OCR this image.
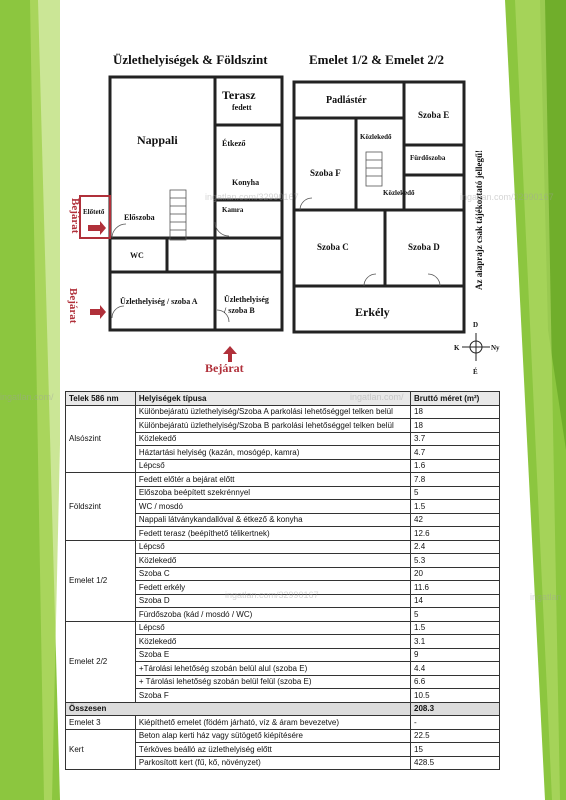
Üzlethelyiségek & Földszint	Emelet 1/2 & Emelet 2/2
Terasz
fedett
Nappali	Étkező
Konyha
Kamra
Előszoba
WC
Előtető
Üzlethelyiség / szoba A	Üzlethelyiség
/ szoba B
Bejárat
Bejárat
Bejárat
Padlástér
Szoba E
Közlekedő
Fürdőszoba
Szoba F
Közlekedő
Szoba C	Szoba D
Erkély
D
É
K	Ny
Az alaprajz csak tájékoztató jellegű!
Telek 586 nm	Helyiségek típusa	Bruttó méret (m²)
Alsószint	Különbejáratú üzlethelyiség/Szoba A parkolási lehetőséggel telken belül	18
	Különbejáratú üzlethelyiség/Szoba B parkolási lehetőséggel telken belül	18
	Közlekedő	3.7
	Háztartási helyiség (kazán, mosógép, kamra)	4.7
	Lépcső	1.6
Földszint	Fedett előtér a bejárat előtt	7.8
	Előszoba beépített szekrénnyel	5
	WC / mosdó	1.5
	Nappali látványkandallóval & étkező & konyha	42
	Fedett terasz (beépíthető télikertnek)	12.6
Emelet 1/2	Lépcső	2.4
	Közlekedő	5.3
	Szoba C	20
	Fedett erkély	11.6
	Szoba D	14
	Fürdőszoba (kád / mosdó / WC)	5
Emelet 2/2	Lépcső	1.5
	Közlekedő	3.1
	Szoba E	9
	+Tárolási lehetőség szobán belül alul (szoba E)	4.4
	+ Tárolási lehetőség szobán belül felül (szoba E)	6.6
	Szoba F	10.5
Összesen		208.3
Emelet 3	Kiépíthető emelet (födém járható, víz & áram bevezetve)	-
Kert	Beton alap kerti ház vagy sütögető kiépítésére	22.5
	Térköves beálló az üzlethelyiség előtt	15
	Parkosított kert (fű, kő, növényzet)	428.5
ingatlan.com/	ingatlan.com/
ingatlan.com/32990167
ingatlan.com/32990167
ingatlan.com/32990167
ingatlan
